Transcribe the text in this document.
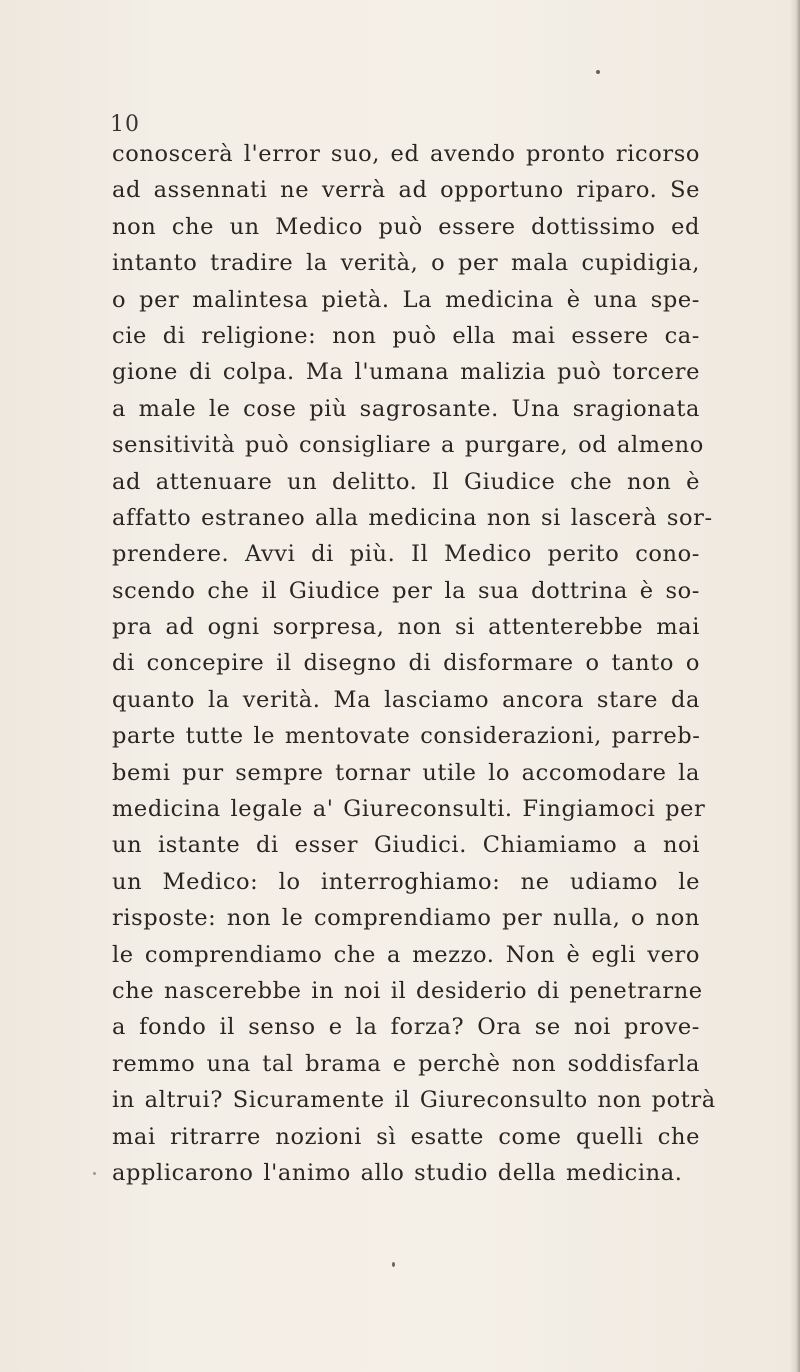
10
conoscerà l'error suo, ed avendo pronto ricorso
ad assennati ne verrà ad opportuno riparo. Se
non che un Medico può essere dottissimo ed
intanto tradire la verità, o per mala cupidigia,
o per malintesa pietà. La medicina è una spe-
cie di religione: non può ella mai essere ca-
gione di colpa. Ma l'umana malizia può torcere
a male le cose più sagrosante. Una sragionata
sensitività può consigliare a purgare, od almeno
ad attenuare un delitto. Il Giudice che non è
affatto estraneo alla medicina non si lascerà sor-
prendere. Avvi di più. Il Medico perito cono-
scendo che il Giudice per la sua dottrina è so-
pra ad ogni sorpresa, non si attenterebbe mai
di concepire il disegno di disformare o tanto o
quanto la verità. Ma lasciamo ancora stare da
parte tutte le mentovate considerazioni, parreb-
bemi pur sempre tornar utile lo accomodare la
medicina legale a' Giureconsulti. Fingiamoci per
un istante di esser Giudici. Chiamiamo a noi
un Medico: lo interroghiamo: ne udiamo le
risposte: non le comprendiamo per nulla, o non
le comprendiamo che a mezzo. Non è egli vero
che nascerebbe in noi il desiderio di penetrarne
a fondo il senso e la forza? Ora se noi prove-
remmo una tal brama e perchè non soddisfarla
in altrui? Sicuramente il Giureconsulto non potrà
mai ritrarre nozioni sì esatte come quelli che
applicarono l'animo allo studio della medicina.
